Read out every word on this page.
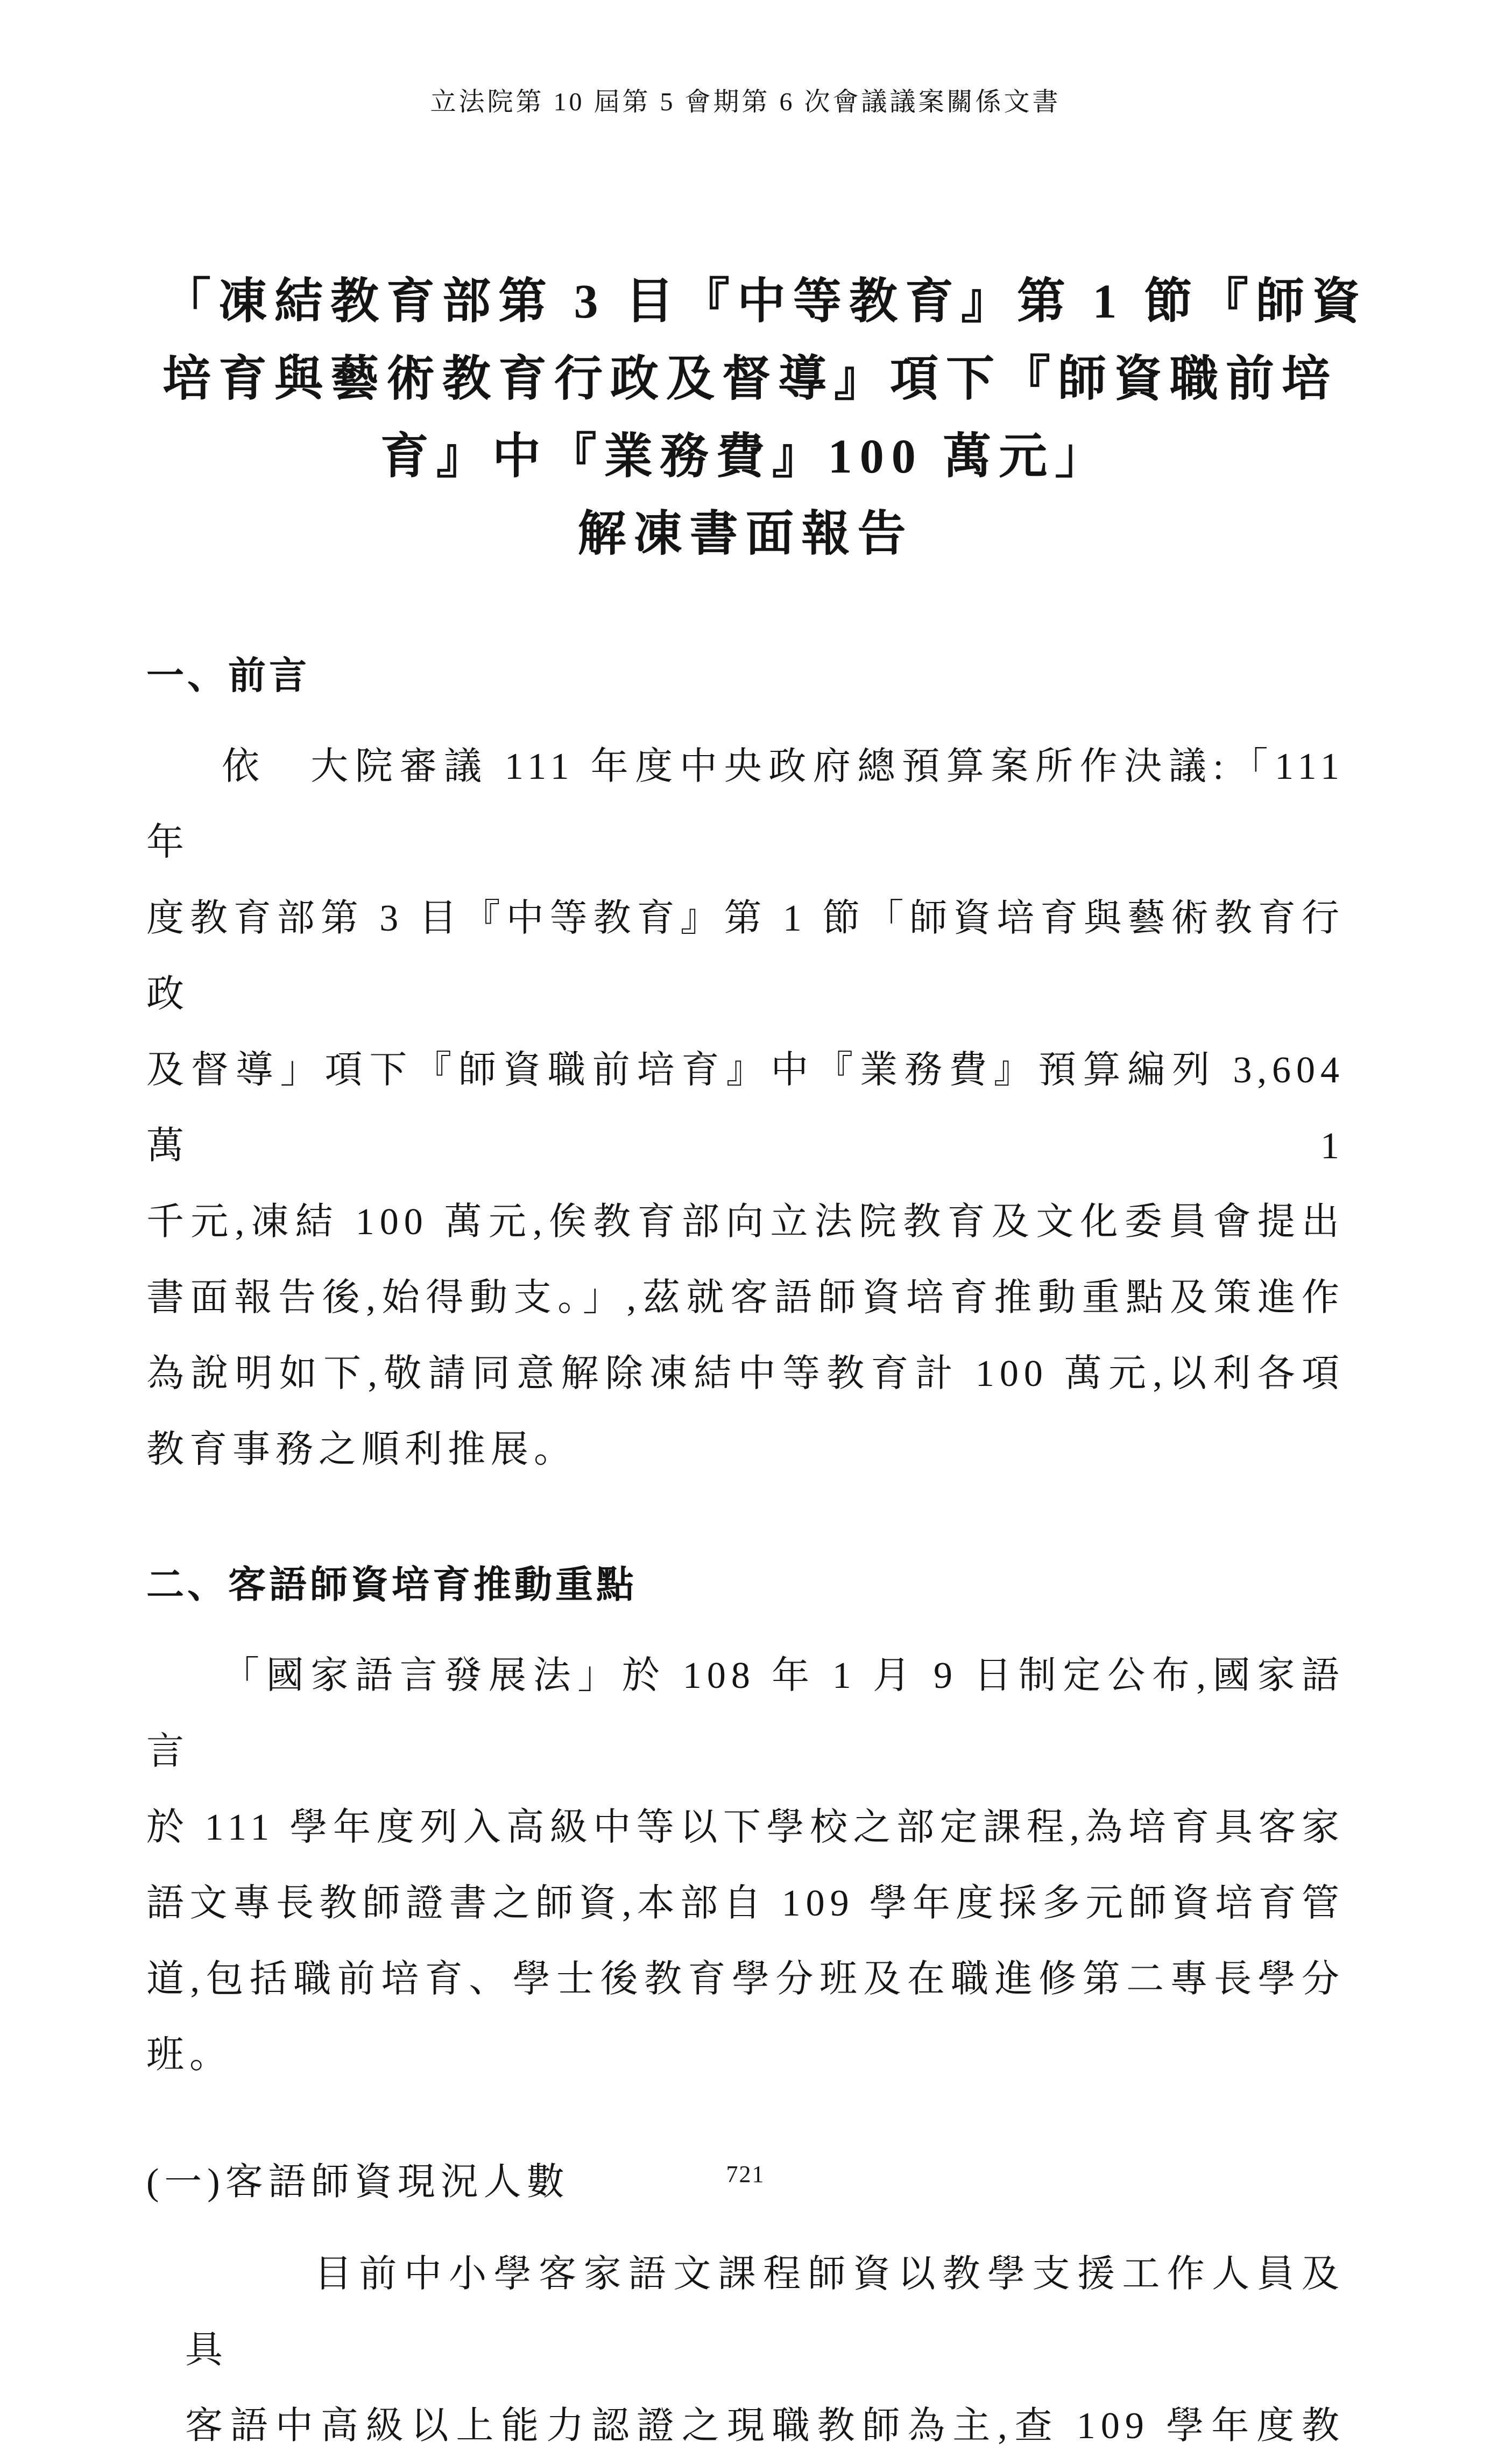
立法院第 10 屆第 5 會期第 6 次會議議案關係文書
「凍結教育部第 3 目『中等教育』第 1 節『師資
培育與藝術教育行政及督導』項下『師資職前培
育』中『業務費』100 萬元」
解凍書面報告
一、前言
依　大院審議 111 年度中央政府總預算案所作決議:「111 年
度教育部第 3 目『中等教育』第 1 節「師資培育與藝術教育行政
及督導」項下『師資職前培育』中『業務費』預算編列 3,604 萬 1
千元,凍結 100 萬元,俟教育部向立法院教育及文化委員會提出
書面報告後,始得動支。」,茲就客語師資培育推動重點及策進作
為說明如下,敬請同意解除凍結中等教育計 100 萬元,以利各項
教育事務之順利推展。
二、客語師資培育推動重點
「國家語言發展法」於 108 年 1 月 9 日制定公布,國家語言
於 111 學年度列入高級中等以下學校之部定課程,為培育具客家
語文專長教師證書之師資,本部自 109 學年度採多元師資培育管
道,包括職前培育、學士後教育學分班及在職進修第二專長學分
班。
(一)客語師資現況人數
目前中小學客家語文課程師資以教學支援工作人員及具
客語中高級以上能力認證之現職教師為主,查 109 學年度教
721
